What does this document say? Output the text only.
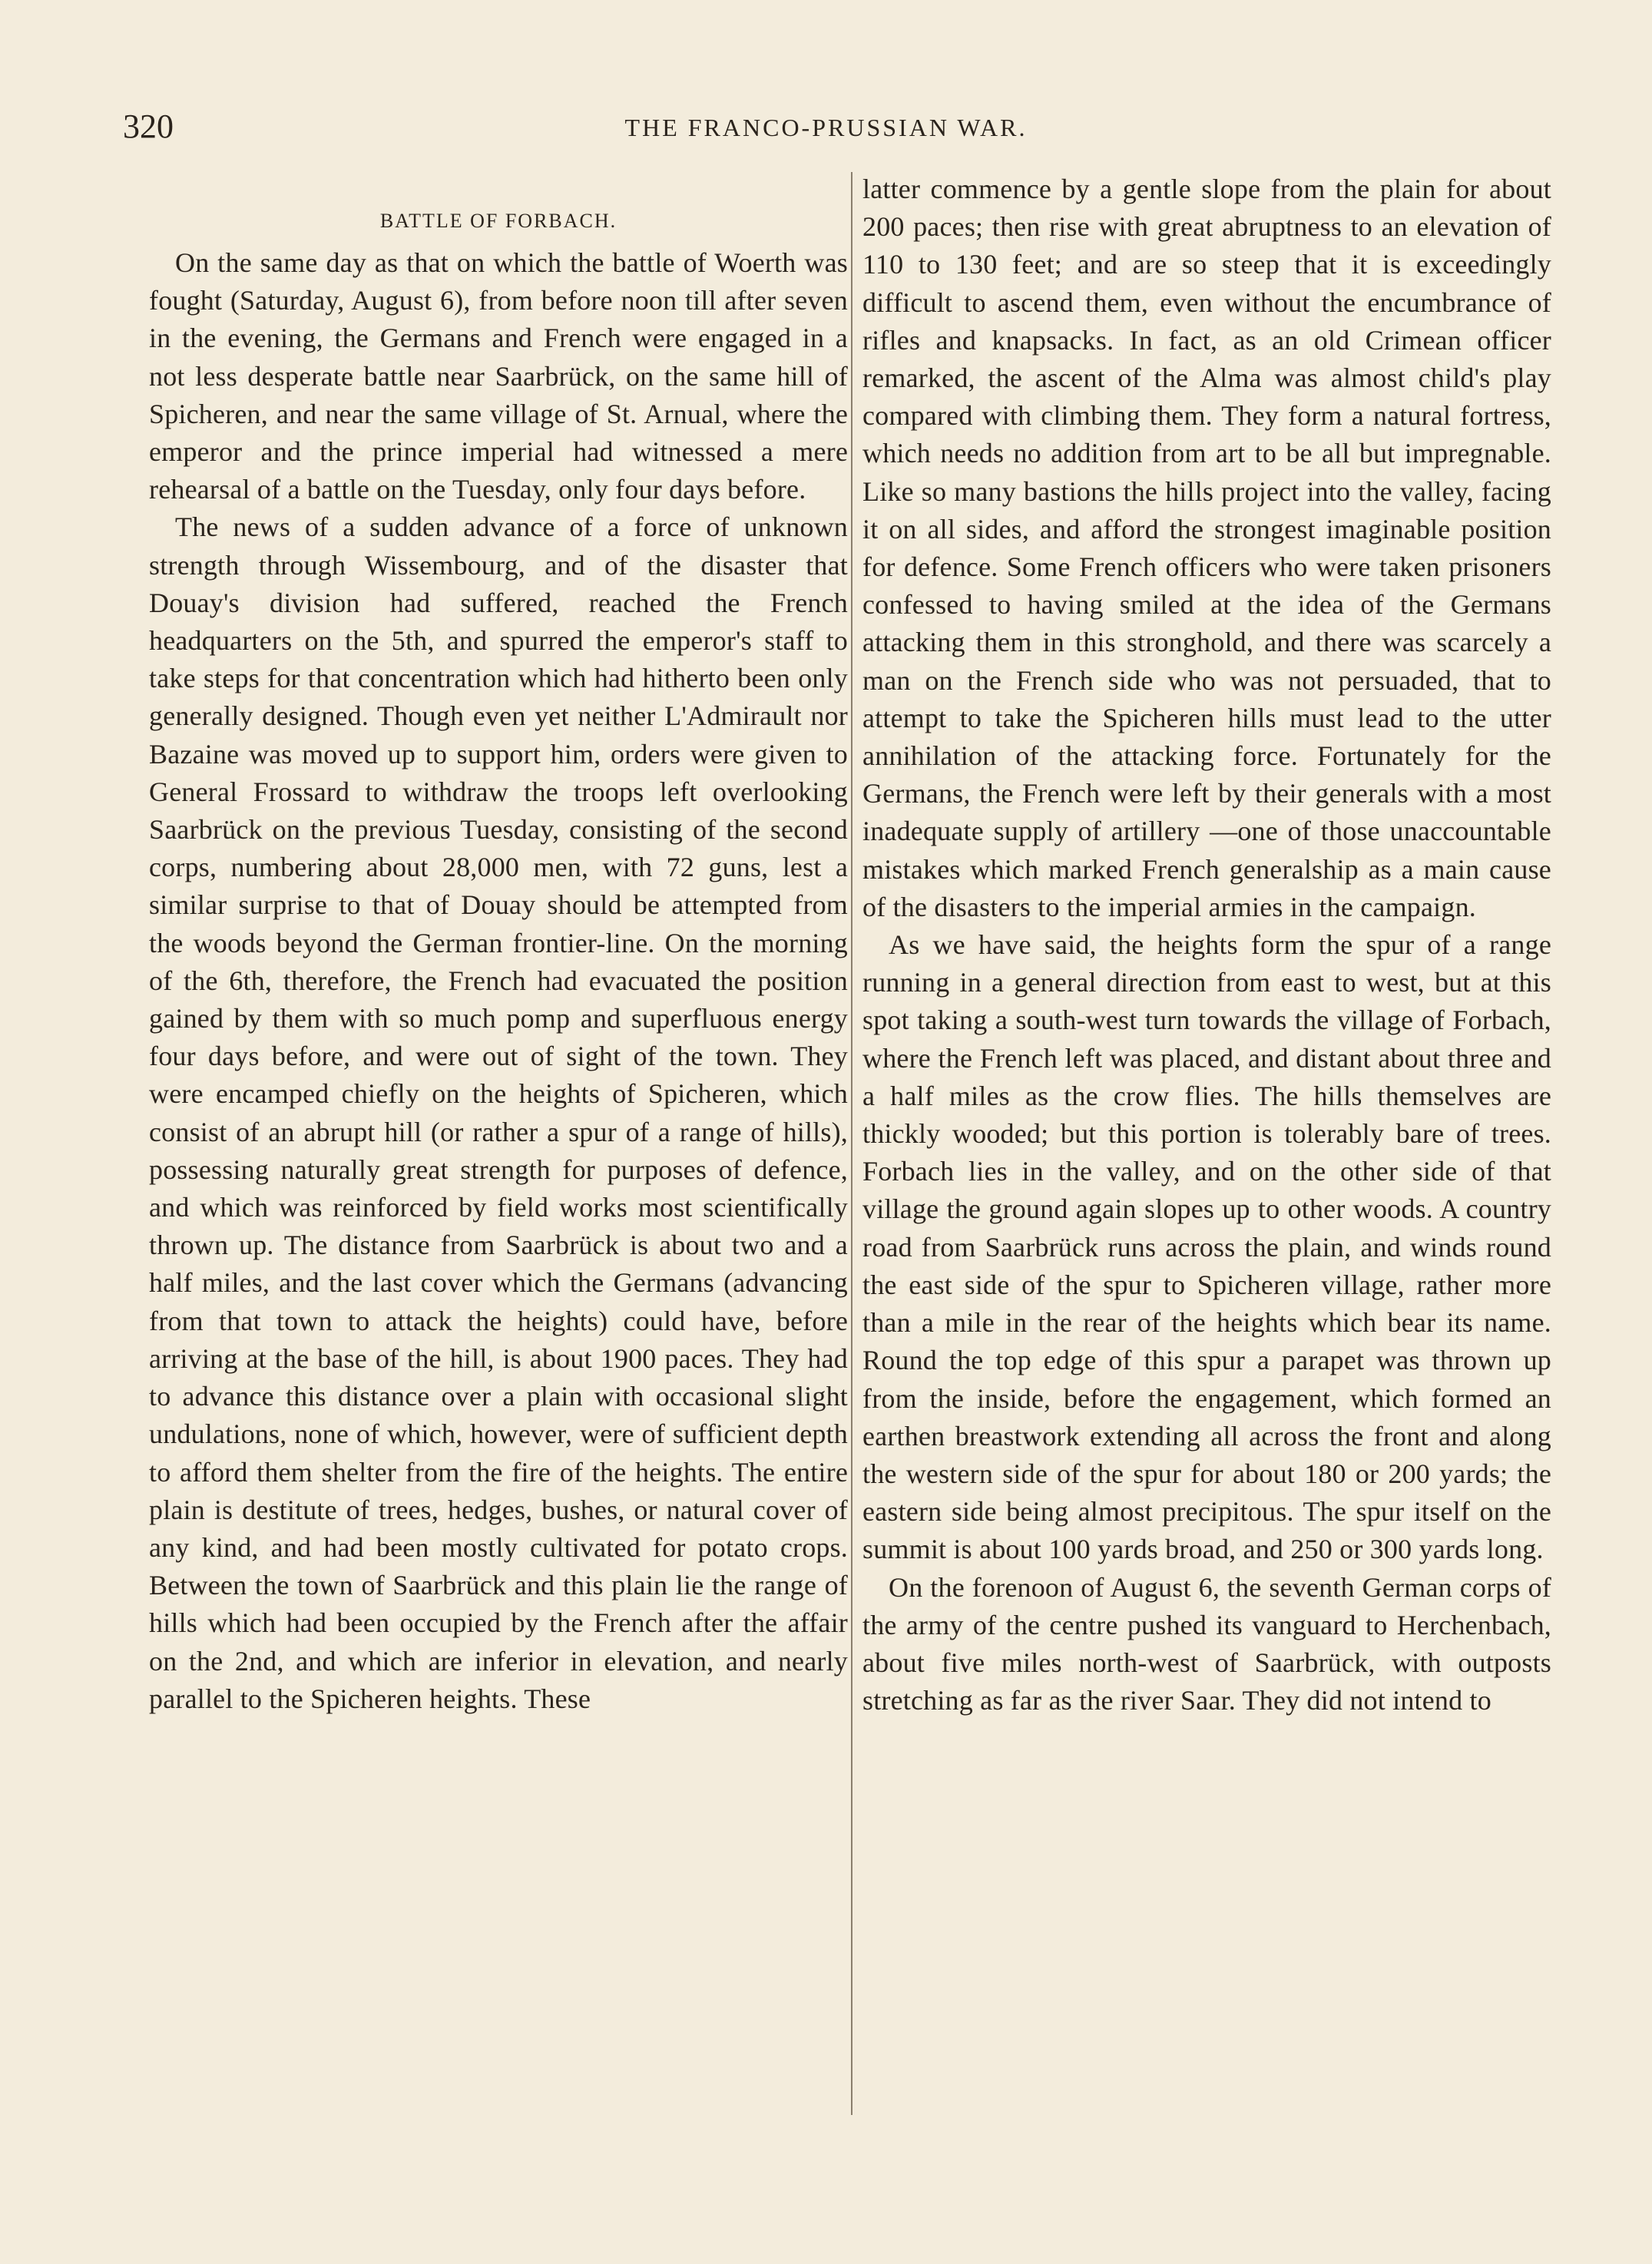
320	THE FRANCO-PRUSSIAN WAR.
BATTLE OF FORBACH.

On the same day as that on which the battle of Woerth was fought (Saturday, August 6), from before noon till after seven in the evening, the Germans and French were engaged in a not less desperate battle near Saarbrück, on the same hill of Spicheren, and near the same village of St. Arnual, where the emperor and the prince imperial had witnessed a mere rehearsal of a battle on the Tuesday, only four days before.

The news of a sudden advance of a force of unknown strength through Wissembourg, and of the disaster that Douay's division had suffered, reached the French headquarters on the 5th, and spurred the emperor's staff to take steps for that concentration which had hitherto been only generally designed. Though even yet neither L'Admirault nor Bazaine was moved up to support him, orders were given to General Frossard to withdraw the troops left overlooking Saarbrück on the previous Tuesday, consisting of the second corps, numbering about 28,000 men, with 72 guns, lest a similar surprise to that of Douay should be attempted from the woods beyond the German frontier-line. On the morning of the 6th, therefore, the French had evacuated the position gained by them with so much pomp and superfluous energy four days before, and were out of sight of the town. They were encamped chiefly on the heights of Spicheren, which consist of an abrupt hill (or rather a spur of a range of hills), possessing naturally great strength for purposes of defence, and which was reinforced by field works most scientifically thrown up. The distance from Saarbrück is about two and a half miles, and the last cover which the Germans (advancing from that town to attack the heights) could have, before arriving at the base of the hill, is about 1900 paces. They had to advance this distance over a plain with occasional slight undulations, none of which, however, were of sufficient depth to afford them shelter from the fire of the heights. The entire plain is destitute of trees, hedges, bushes, or natural cover of any kind, and had been mostly cultivated for potato crops. Between the town of Saarbrück and this plain lie the range of hills which had been occupied by the French after the affair on the 2nd, and which are inferior in elevation, and nearly parallel to the Spicheren heights. These

latter commence by a gentle slope from the plain for about 200 paces; then rise with great abruptness to an elevation of 110 to 130 feet; and are so steep that it is exceedingly difficult to ascend them, even without the encumbrance of rifles and knapsacks. In fact, as an old Crimean officer remarked, the ascent of the Alma was almost child's play compared with climbing them. They form a natural fortress, which needs no addition from art to be all but impregnable. Like so many bastions the hills project into the valley, facing it on all sides, and afford the strongest imaginable position for defence. Some French officers who were taken prisoners confessed to having smiled at the idea of the Germans attacking them in this stronghold, and there was scarcely a man on the French side who was not persuaded, that to attempt to take the Spicheren hills must lead to the utter annihilation of the attacking force. Fortunately for the Germans, the French were left by their generals with a most inadequate supply of artillery —one of those unaccountable mistakes which marked French generalship as a main cause of the disasters to the imperial armies in the campaign.

As we have said, the heights form the spur of a range running in a general direction from east to west, but at this spot taking a south-west turn towards the village of Forbach, where the French left was placed, and distant about three and a half miles as the crow flies. The hills themselves are thickly wooded; but this portion is tolerably bare of trees. Forbach lies in the valley, and on the other side of that village the ground again slopes up to other woods. A country road from Saarbrück runs across the plain, and winds round the east side of the spur to Spicheren village, rather more than a mile in the rear of the heights which bear its name. Round the top edge of this spur a parapet was thrown up from the inside, before the engagement, which formed an earthen breastwork extending all across the front and along the western side of the spur for about 180 or 200 yards; the eastern side being almost precipitous. The spur itself on the summit is about 100 yards broad, and 250 or 300 yards long.

On the forenoon of August 6, the seventh German corps of the army of the centre pushed its vanguard to Herchenbach, about five miles north-west of Saarbrück, with outposts stretching as far as the river Saar. They did not intend to
